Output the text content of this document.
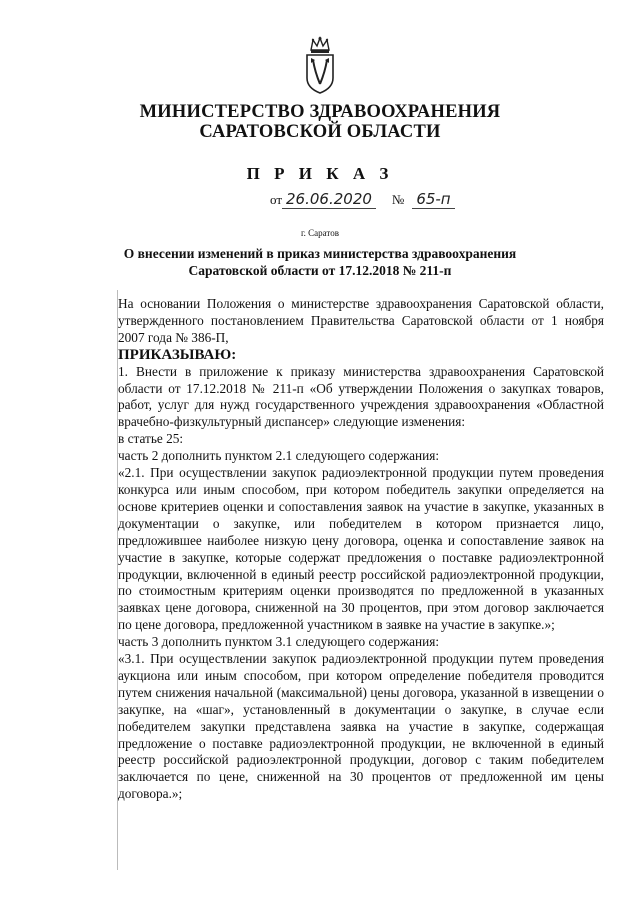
МИНИСТЕРСТВО ЗДРАВООХРАНЕНИЯ
САРАТОВСКОЙ ОБЛАСТИ
П Р И К А З
от 26.06.2020 № 65-п
г. Саратов
О внесении изменений в приказ министерства здравоохранения
Саратовской области от 17.12.2018 № 211-п

На основании Положения о министерстве здравоохранения Саратовской области, утвержденного постановлением Правительства Саратовской области от 1 ноября 2007 года № 386-П,

ПРИКАЗЫВАЮ:

1. Внести в приложение к приказу министерства здравоохранения Саратовской области от 17.12.2018 № 211-п «Об утверждении Положения о закупках товаров, работ, услуг для нужд государственного учреждения здравоохранения «Областной врачебно-физкультурный диспансер» следующие изменения:

в статье 25:

часть 2 дополнить пунктом 2.1 следующего содержания:

«2.1. При осуществлении закупок радиоэлектронной продукции путем проведения конкурса или иным способом, при котором победитель закупки определяется на основе критериев оценки и сопоставления заявок на участие в закупке, указанных в документации о закупке, или победителем в котором признается лицо, предложившее наиболее низкую цену договора, оценка и сопоставление заявок на участие в закупке, которые содержат предложения о поставке радиоэлектронной продукции, включенной в единый реестр российской радиоэлектронной продукции, по стоимостным критериям оценки производятся по предложенной в указанных заявках цене договора, сниженной на 30 процентов, при этом договор заключается по цене договора, предложенной участником в заявке на участие в закупке.»;

часть 3 дополнить пунктом 3.1 следующего содержания:

«3.1. При осуществлении закупок радиоэлектронной продукции путем проведения аукциона или иным способом, при котором определение победителя проводится путем снижения начальной (максимальной) цены договора, указанной в извещении о закупке, на «шаг», установленный в документации о закупке, в случае если победителем закупки представлена заявка на участие в закупке, содержащая предложение о поставке радиоэлектронной продукции, не включенной в единый реестр российской радиоэлектронной продукции, договор с таким победителем заключается по цене, сниженной на 30 процентов от предложенной им цены договора.»;
